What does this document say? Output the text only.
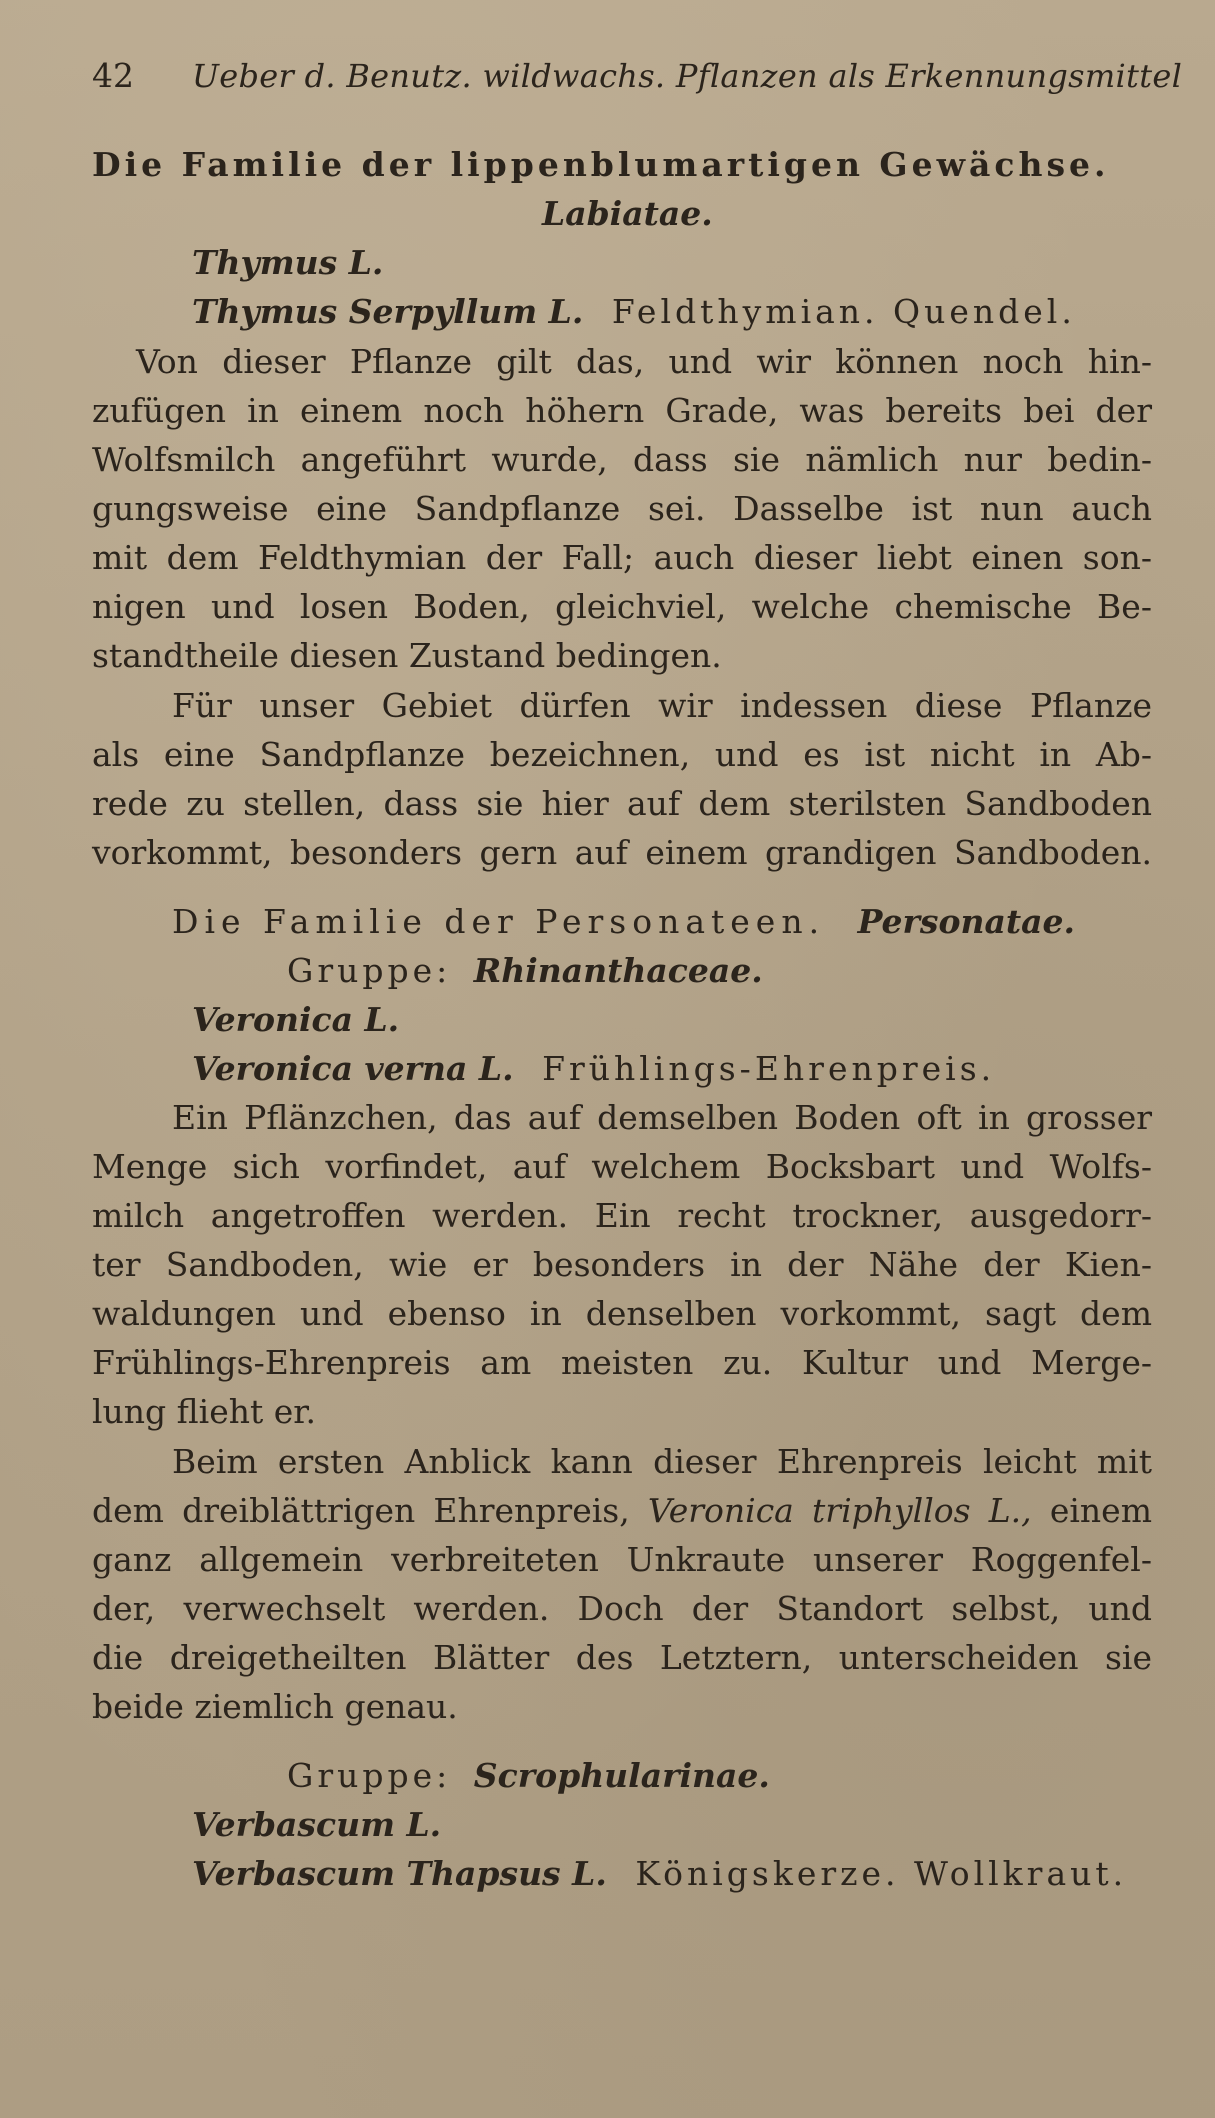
42 Ueber d. Benutz. wildwachs. Pflanzen als Erkennungsmittel
Die Familie der lippenblumartigen Gewächse.
Labiatae.
Thymus L.
Thymus Serpyllum L. Feldthymian. Quendel.
Von dieser Pflanze gilt das, und wir können noch hin-
zufügen in einem noch höhern Grade, was bereits bei der
Wolfsmilch angeführt wurde, dass sie nämlich nur bedin-
gungsweise eine Sandpflanze sei. Dasselbe ist nun auch
mit dem Feldthymian der Fall; auch dieser liebt einen son-
nigen und losen Boden, gleichviel, welche chemische Be-
standtheile diesen Zustand bedingen.
Für unser Gebiet dürfen wir indessen diese Pflanze
als eine Sandpflanze bezeichnen, und es ist nicht in Ab-
rede zu stellen, dass sie hier auf dem sterilsten Sandboden
vorkommt, besonders gern auf einem grandigen Sandboden.
Die Familie der Personateen. Personatae.
Gruppe: Rhinanthaceae.
Veronica L.
Veronica verna L. Frühlings-Ehrenpreis.
Ein Pflänzchen, das auf demselben Boden oft in grosser
Menge sich vorfindet, auf welchem Bocksbart und Wolfs-
milch angetroffen werden. Ein recht trockner, ausgedorr-
ter Sandboden, wie er besonders in der Nähe der Kien-
waldungen und ebenso in denselben vorkommt, sagt dem
Frühlings-Ehrenpreis am meisten zu. Kultur und Merge-
lung flieht er.
Beim ersten Anblick kann dieser Ehrenpreis leicht mit
dem dreiblättrigen Ehrenpreis, Veronica triphyllos L., einem
ganz allgemein verbreiteten Unkraute unserer Roggenfel-
der, verwechselt werden. Doch der Standort selbst, und
die dreigetheilten Blätter des Letztern, unterscheiden sie
beide ziemlich genau.
Gruppe: Scrophularinae.
Verbascum L.
Verbascum Thapsus L. Königskerze. Wollkraut.
